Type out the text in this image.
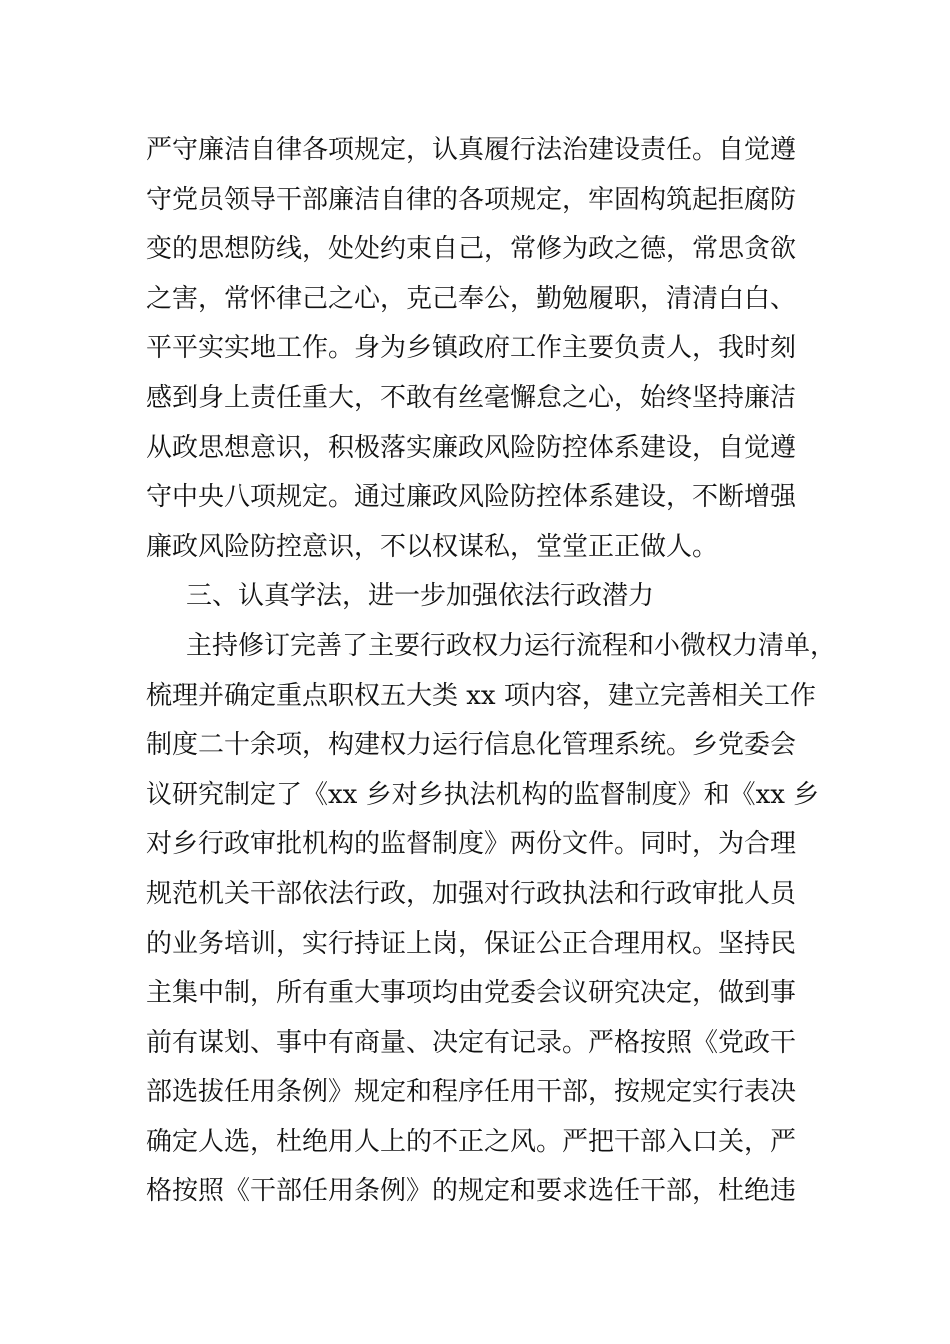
严守廉洁自律各项规定，认真履行法治建设责任。自觉遵
守党员领导干部廉洁自律的各项规定，牢固构筑起拒腐防
变的思想防线，处处约束自己，常修为政之德，常思贪欲
之害，常怀律己之心，克己奉公，勤勉履职，清清白白、
平平实实地工作。身为乡镇政府工作主要负责人，我时刻
感到身上责任重大，不敢有丝毫懈怠之心，始终坚持廉洁
从政思想意识，积极落实廉政风险防控体系建设，自觉遵
守中央八项规定。通过廉政风险防控体系建设，不断增强
廉政风险防控意识，不以权谋私，堂堂正正做人。
三、认真学法，进一步加强依法行政潜力
主持修订完善了主要行政权力运行流程和小微权力清单，
梳理并确定重点职权五大类 xx 项内容，建立完善相关工作
制度二十余项，构建权力运行信息化管理系统。乡党委会
议研究制定了《xx 乡对乡执法机构的监督制度》和《xx 乡
对乡行政审批机构的监督制度》两份文件。同时，为合理
规范机关干部依法行政，加强对行政执法和行政审批人员
的业务培训，实行持证上岗，保证公正合理用权。坚持民
主集中制，所有重大事项均由党委会议研究决定，做到事
前有谋划、事中有商量、决定有记录。严格按照《党政干
部选拔任用条例》规定和程序任用干部，按规定实行表决
确定人选，杜绝用人上的不正之风。严把干部入口关，严
格按照《干部任用条例》的规定和要求选任干部，杜绝违
